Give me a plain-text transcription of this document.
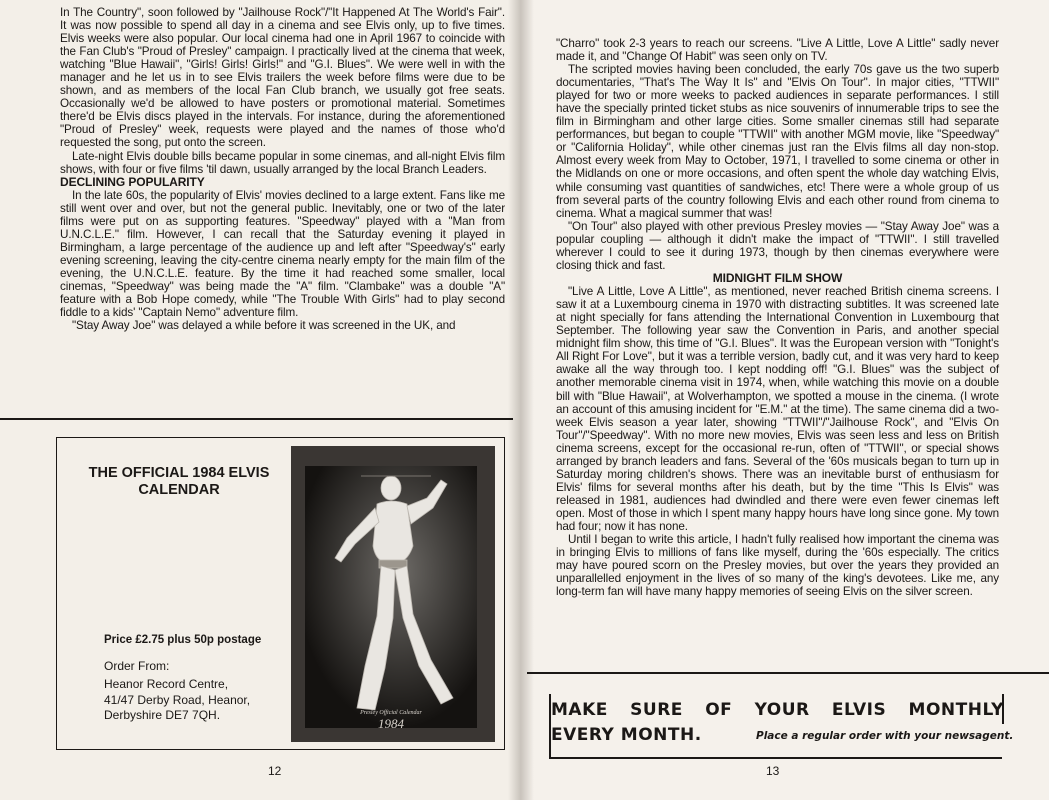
In The Country", soon followed by "Jailhouse Rock"/"It Happened At The World's Fair". It was now possible to spend all day in a cinema and see Elvis only, up to five times. Elvis weeks were also popular. Our local cinema had one in April 1967 to coincide with the Fan Club's "Proud of Presley" campaign. I practically lived at the cinema that week, watching "Blue Hawaii", "Girls! Girls! Girls!" and "G.I. Blues". We were well in with the manager and he let us in to see Elvis trailers the week before films were due to be shown, and as members of the local Fan Club branch, we usually got free seats. Occasionally we'd be allowed to have posters or promotional material. Sometimes there'd be Elvis discs played in the intervals. For instance, during the aforementioned "Proud of Presley" week, requests were played and the names of those who'd requested the song, put onto the screen.

Late-night Elvis double bills became popular in some cinemas, and all-night Elvis film shows, with four or five films 'til dawn, usually arranged by the local Branch Leaders.

DECLINING POPULARITY

In the late 60s, the popularity of Elvis' movies declined to a large extent. Fans like me still went over and over, but not the general public. Inevitably, one or two of the later films were put on as supporting features. "Speedway" played with a "Man from U.N.C.L.E." film. However, I can recall that the Saturday evening it played in Birmingham, a large percentage of the audience up and left after "Speedway's" early evening screening, leaving the city-centre cinema nearly empty for the main film of the evening, the U.N.C.L.E. feature. By the time it had reached some smaller, local cinemas, "Speedway" was being made the "A" film. "Clambake" was a double "A" feature with a Bob Hope comedy, while "The Trouble With Girls" had to play second fiddle to a kids' "Captain Nemo" adventure film.

"Stay Away Joe" was delayed a while before it was screened in the UK, and

THE OFFICIAL 1984 ELVIS CALENDAR
Price £2.75 plus 50p postage
Order From:
Heanor Record Centre,
41/47 Derby Road, Heanor,
Derbyshire DE7 7QH.	Presley Official Calendar
1984
12

"Charro" took 2-3 years to reach our screens. "Live A Little, Love A Little" sadly never made it, and "Change Of Habit" was seen only on TV.

The scripted movies having been concluded, the early 70s gave us the two superb documentaries, "That's The Way It Is" and "Elvis On Tour". In major cities, "TTWII" played for two or more weeks to packed audiences in separate performances. I still have the specially printed ticket stubs as nice souvenirs of innumerable trips to see the film in Birmingham and other large cities. Some smaller cinemas still had separate performances, but began to couple "TTWII" with another MGM movie, like "Speedway" or "California Holiday", while other cinemas just ran the Elvis films all day non-stop. Almost every week from May to October, 1971, I travelled to some cinema or other in the Midlands on one or more occasions, and often spent the whole day watching Elvis, while consuming vast quantities of sandwiches, etc! There were a whole group of us from several parts of the country following Elvis and each other round from cinema to cinema. What a magical summer that was!

"On Tour" also played with other previous Presley movies — "Stay Away Joe" was a popular coupling — although it didn't make the impact of "TTWII". I still travelled wherever I could to see it during 1973, though by then cinemas everywhere were closing thick and fast.

MIDNIGHT FILM SHOW

"Live A Little, Love A Little", as mentioned, never reached British cinema screens. I saw it at a Luxembourg cinema in 1970 with distracting subtitles. It was screened late at night specially for fans attending the International Convention in Luxembourg that September. The following year saw the Convention in Paris, and another special midnight film show, this time of "G.I. Blues". It was the European version with "Tonight's All Right For Love", but it was a terrible version, badly cut, and it was very hard to keep awake all the way through too. I kept nodding off! "G.I. Blues" was the subject of another memorable cinema visit in 1974, when, while watching this movie on a double bill with "Blue Hawaii", at Wolverhampton, we spotted a mouse in the cinema. (I wrote an account of this amusing incident for "E.M." at the time). The same cinema did a two-week Elvis season a year later, showing "TTWII"/"Jailhouse Rock", and "Elvis On Tour"/"Speedway". With no more new movies, Elvis was seen less and less on British cinema screens, except for the occasional re-run, often of "TTWII", or special shows arranged by branch leaders and fans. Several of the '60s musicals began to turn up in Saturday moring children's shows. There was an inevitable burst of enthusiasm for Elvis' films for several months after his death, but by the time "This Is Elvis" was released in 1981, audiences had dwindled and there were even fewer cinemas left open. Most of those in which I spent many happy hours have long since gone. My town had four; now it has none.

Until I began to write this article, I hadn't fully realised how important the cinema was in bringing Elvis to millions of fans like myself, during the '60s especially. The critics may have poured scorn on the Presley movies, but over the years they provided an unparallelled enjoyment in the lives of so many of the king's devotees. Like me, any long-term fan will have many happy memories of seeing Elvis on the silver screen.

MAKE SURE OF YOUR ELVIS MONTHLY
EVERY MONTH.	Place a regular order with your newsagent.
13
